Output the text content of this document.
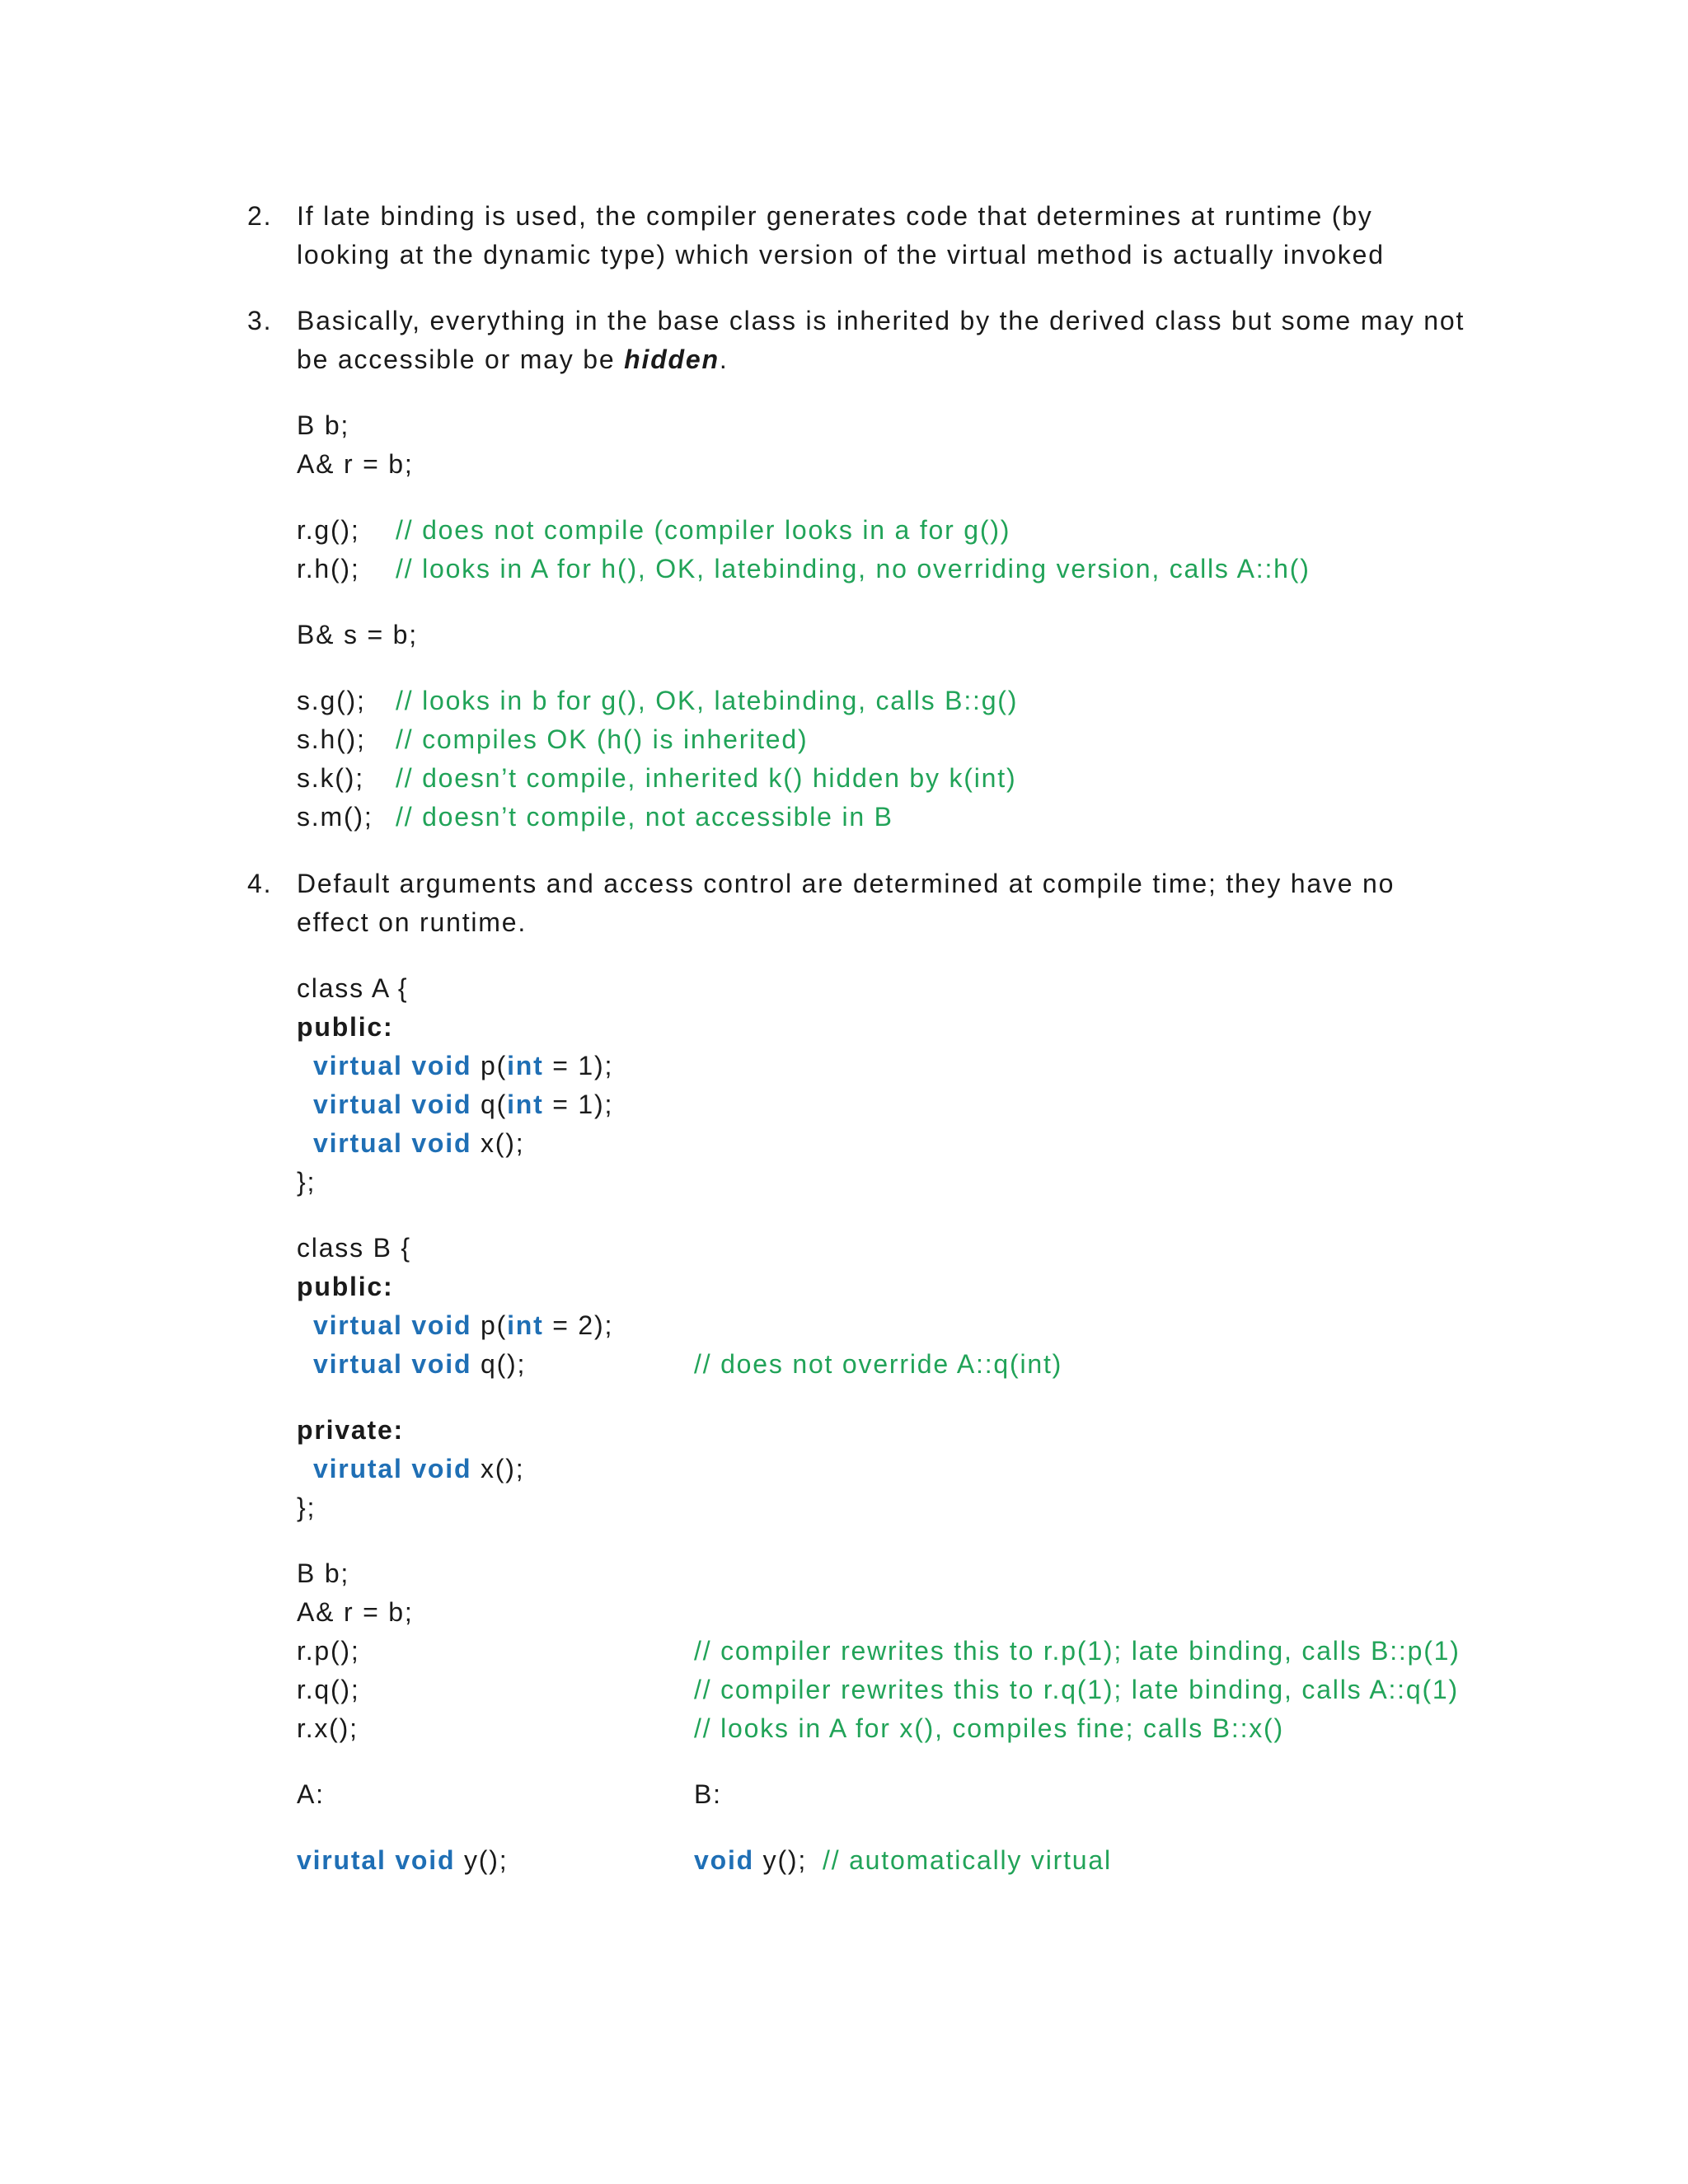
2. If late binding is used, the compiler generates code that determines at runtime (by
looking at the dynamic type) which version of the virtual method is actually invoked
3. Basically, everything in the base class is inherited by the derived class but some may not
be accessible or may be hidden.
B b;
A& r = b;
r.g(); // does not compile (compiler looks in a for g())
r.h(); // looks in A for h(), OK, latebinding, no overriding version, calls A::h()
B& s = b;
s.g(); // looks in b for g(), OK, latebinding, calls B::g()
s.h(); // compiles OK (h() is inherited)
s.k(); // doesn’t compile, inherited k() hidden by k(int)
s.m(); // doesn’t compile, not accessible in B
4. Default arguments and access control are determined at compile time; they have no
effect on runtime.
class A {
public:
virtual void p(int = 1);
virtual void q(int = 1);
virtual void x();
};
class B {
public:
virtual void p(int = 2);
virtual void q();	// does not override A::q(int)
private:
virutal void x();
};
B b;
A& r = b;
r.p();	// compiler rewrites this to r.p(1); late binding, calls B::p(1)
r.q();	// compiler rewrites this to r.q(1); late binding, calls A::q(1)
r.x();	// looks in A for x(), compiles fine; calls B::x()
A:	B:
virutal void y();	void y(); // automatically virtual
